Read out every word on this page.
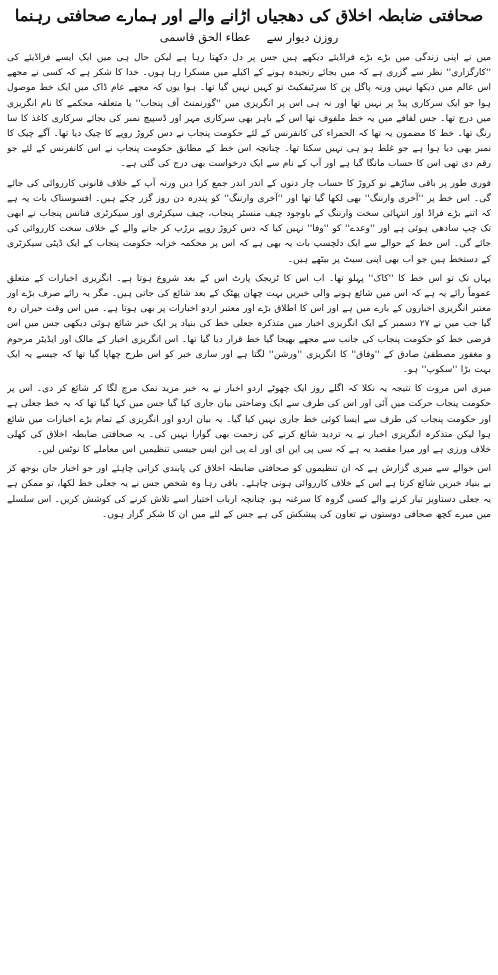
صحافتی ضابطہ اخلاق کی دھجیاں اڑانے والے اور ہمارے صحافتی رہنما
روزن دیوار سے عطاء الحق قاسمی

میں نے اپنی زندگی میں بڑے بڑے فراڈیئے دیکھے ہیں جس پر دل دکھتا رہا ہے لیکن حال ہی میں ایک ایسے فراڈیئے کی ''کارگزاری'' نظر سے گزری ہے کہ میں بجائے رنجیدہ ہونے کے اکیلے میں مسکرا رہا ہوں۔ خدا کا شکر ہے کہ کسی نے مجھے اس عالم میں دیکھا نہیں ورنہ پاگل پن کا سرٹیفکیٹ تو کہیں نہیں گیا تھا۔ ہوا یوں کہ مجھے عام ڈاک میں ایک خط موصول ہوا جو ایک سرکاری پیڈ پر نہیں تھا اور نہ ہی اس پر انگریزی میں ''گورنمنٹ آف پنجاب'' یا متعلقہ محکمے کا نام انگریزی میں درج تھا۔ جس لفافے میں یہ خط ملفوف تھا اس کے باہر بھی سرکاری مہر اور ڈسپیچ نمبر کی بجائے سرکاری کاغذ کا سا رنگ تھا۔ خط کا مضمون یہ تھا کہ الحمراء کی کانفرنس کے لئے حکومت پنجاب نے دس کروڑ روپے کا چیک دیا تھا۔ آگے چیک کا نمبر بھی دیا ہوا ہے جو غلط ہو ہی نہیں سکتا تھا۔ چنانچہ اس خط کے مطابق حکومت پنجاب نے اس کانفرنس کے لئے جو رقم دی تھی اس کا حساب مانگا گیا ہے اور آپ کے نام سے ایک درخواست بھی درج کی گئی ہے۔

فوری طور پر باقی ساڑھے نو کروڑ کا حساب چار دنوں کے اندر اندر جمع کرا دیں ورنہ آپ کے خلاف قانونی کارروائی کی جائے گی۔ اس خط پر ''آخری وارننگ'' بھی لکھا گیا تھا اور ''آخری وارننگ'' کو پندرہ دن روز گزر چکے ہیں۔ افسوسناک بات یہ ہے کہ اتنے بڑے فراڈ اور انتہائی سخت وارننگ کے باوجود چیف منسٹر پنجاب، چیف سیکرٹری اور سیکرٹری فنانس پنجاب نے ابھی تک چپ سادھی ہوئی ہے اور ''وعدے'' کو ''وفا'' نہیں کیا کہ دس کروڑ روپے برڑپ کر جانے والے کے خلاف سخت کارروائی کی جائے گی۔ اس خط کے حوالے سے ایک دلچسپ بات یہ بھی ہے کہ اس پر محکمہ خزانہ حکومت پنجاب کے ایک ڈپٹی سیکرٹری کے دستخط ہیں جو اب بھی اپنی سیٹ پر بیٹھے ہیں۔

یہاں تک تو اس خط کا ''کاک'' پہلو تھا۔ اب اس کا ٹریجک پارٹ اس کے بعد شروع ہوتا ہے۔ انگریزی اخبارات کے متعلق عموماً رائے یہ ہے کہ اس میں شائع ہونے والی خبریں بہت چھان پھٹک کے بعد شائع کی جاتی ہیں۔ مگر یہ رائے صرف بڑے اور معتبر انگریزی اخباروں کے بارے میں ہے اور اس کا اطلاق بڑے اور معتبر اردو اخبارات پر بھی ہوتا ہے۔ میں اس وقت حیران رہ گیا جب میں نے ۲۷ دسمبر کے ایک انگریزی اخبار میں متذکرہ جعلی خط کی بنیاد پر ایک خبر شائع ہوئی دیکھی جس میں اس فرضی خط کو حکومت پنجاب کی جانب سے مجھے بھیجا گیا خط قرار دیا گیا تھا۔ اس انگریزی اخبار کے مالک اور ایڈیٹر مرحوم و مغفور مصطفیٰ صادق کے ''وفاق'' کا انگریزی ''ورشن'' لگتا ہے اور ساری خبر کو اس طرح چھاپا گیا تھا کہ جیسے یہ ایک بہت بڑا ''سکوپ'' ہو۔

میری اس مروت کا نتیجہ یہ نکلا کہ اگلے روز ایک چھوٹے اردو اخبار نے یہ خبر مزید نمک مرچ لگا کر شائع کر دی۔ اس پر حکومت پنجاب حرکت میں آئی اور اس کی طرف سے ایک وضاحتی بیان جاری کیا گیا جس میں کہا گیا تھا کہ یہ خط جعلی ہے اور حکومت پنجاب کی طرف سے ایسا کوئی خط جاری نہیں کیا گیا۔ یہ بیان اردو اور انگریزی کے تمام بڑے اخبارات میں شائع ہوا لیکن متذکرہ انگریزی اخبار نے یہ تردید شائع کرنے کی زحمت بھی گوارا نہیں کی۔ یہ صحافتی ضابطہ اخلاق کی کھلی خلاف ورزی ہے اور میرا مقصد یہ ہے کہ سی پی این ای اور اے پی این ایس جیسی تنظیمیں اس معاملے کا نوٹس لیں۔

اس حوالے سے میری گزارش ہے کہ ان تنظیموں کو صحافتی ضابطہ اخلاق کی پابندی کرانی چاہئے اور جو اخبار جان بوجھ کر بے بنیاد خبریں شائع کرتا ہے اس کے خلاف کارروائی ہونی چاہئے۔ باقی رہا وہ شخص جس نے یہ جعلی خط لکھا، تو ممکن ہے یہ جعلی دستاویز تیار کرنے والے کسی گروہ کا سرغنہ ہو، چنانچہ ارباب اختیار اسے تلاش کرنے کی کوشش کریں۔ اس سلسلے میں میرے کچھ صحافی دوستوں نے تعاون کی پیشکش کی ہے جس کے لئے میں ان کا شکر گزار ہوں۔
